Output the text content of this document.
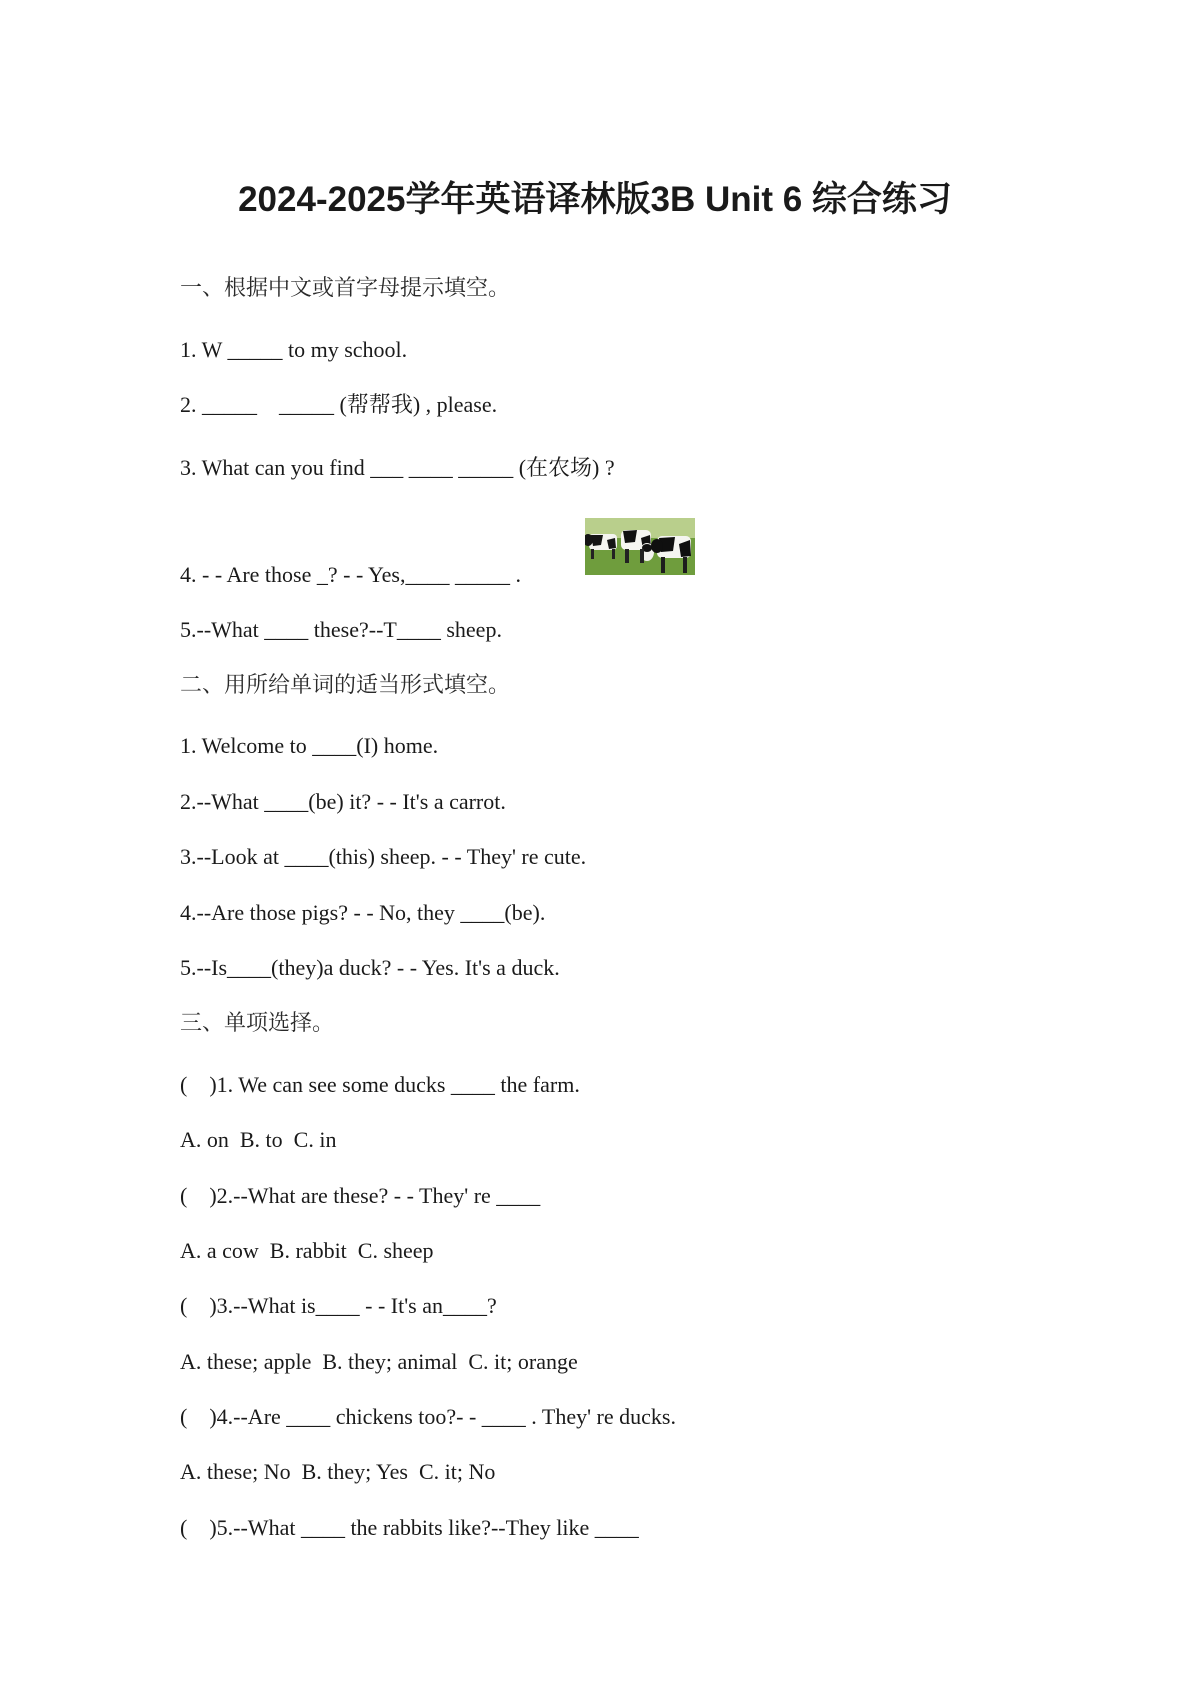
2024-2025学年英语译林版3B Unit 6 综合练习
一、根据中文或首字母提示填空。
1. W _____ to my school.
2. _____    _____ (帮帮我) , please.
3. What can you find ___ ____ _____ (在农场) ?
4. - - Are those _? - - Yes,____ _____ .
5.--What ____ these?--T____ sheep.
二、用所给单词的适当形式填空。
1. Welcome to ____(I) home.
2.--What ____(be) it? - - It's a carrot.
3.--Look at ____(this) sheep. - - They' re cute.
4.--Are those pigs? - - No, they ____(be).
5.--Is____(they)a duck? - - Yes. It's a duck.
三、单项选择。
(    )1. We can see some ducks ____ the farm.
A. on  B. to  C. in
(    )2.--What are these? - - They' re ____
A. a cow  B. rabbit  C. sheep
(    )3.--What is____ - - It's an____?
A. these; apple  B. they; animal  C. it; orange
(    )4.--Are ____ chickens too?- - ____ . They' re ducks.
A. these; No  B. they; Yes  C. it; No
(    )5.--What ____ the rabbits like?--They like ____
